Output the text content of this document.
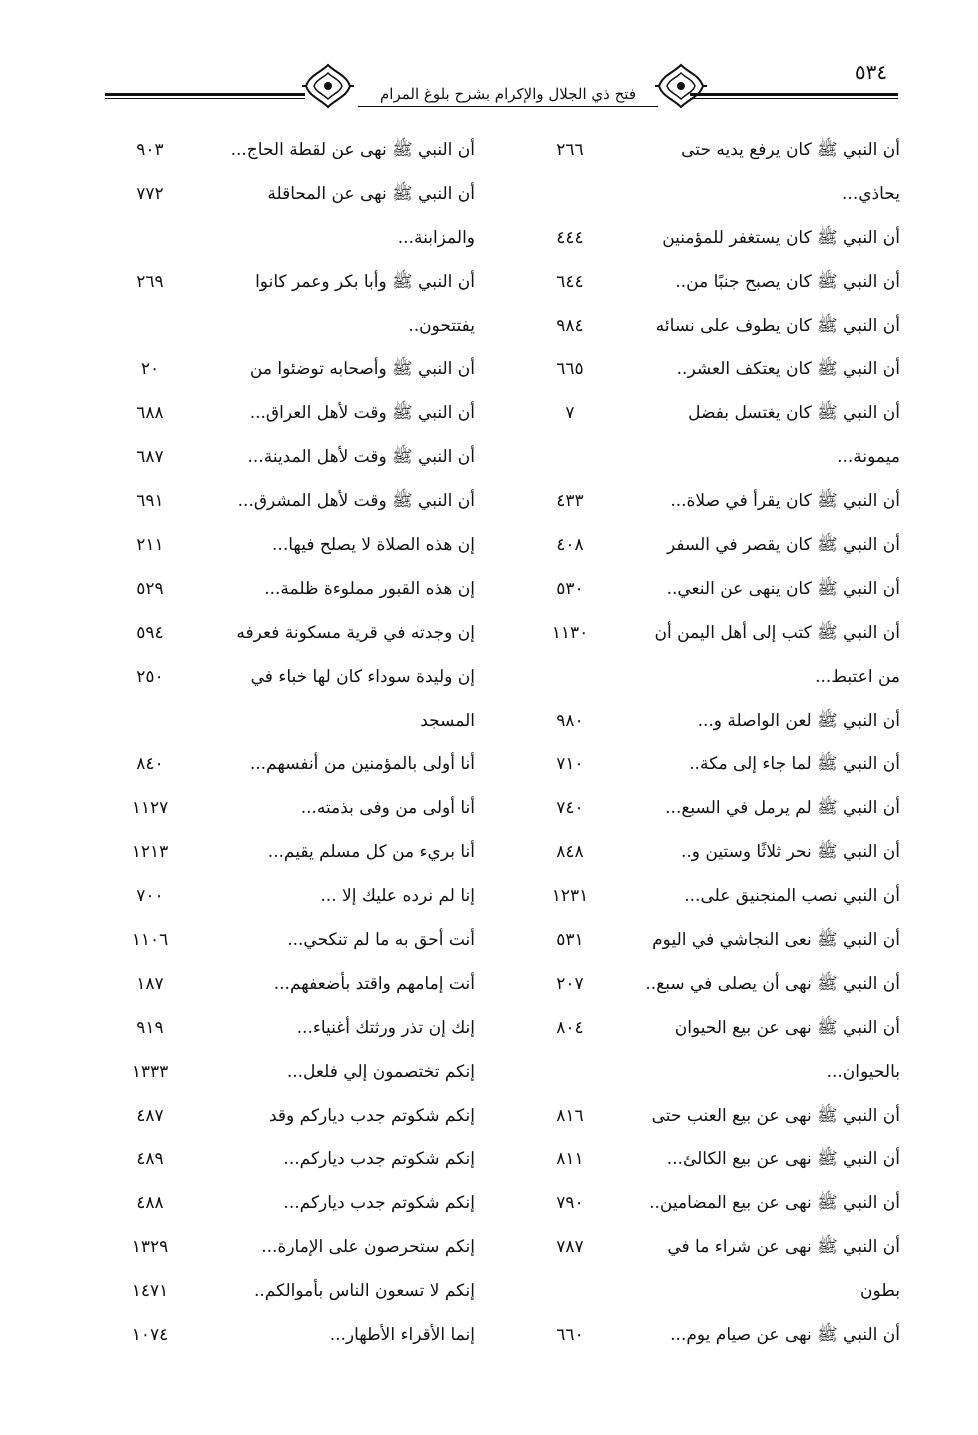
فتح ذي الجلال والإكرام بشرح بلوغ المرام
٥٣٤
أن النبي ﷺ كان يرفع يديه حتى
٢٦٦
يحاذي...
أن النبي ﷺ كان يستغفر للمؤمنين
٤٤٤
أن النبي ﷺ كان يصبح جنبًا من..
٦٤٤
أن النبي ﷺ كان يطوف على نسائه
٩٨٤
أن النبي ﷺ كان يعتكف العشر..
٦٦٥
أن النبي ﷺ كان يغتسل بفضل
٧
ميمونة...
أن النبي ﷺ كان يقرأ في صلاة...
٤٣٣
أن النبي ﷺ كان يقصر في السفر
٤٠٨
أن النبي ﷺ كان ينهى عن النعي..
٥٣٠
أن النبي ﷺ كتب إلى أهل اليمن أن
١١٣٠
من اعتبط...
أن النبي ﷺ لعن الواصلة و...
٩٨٠
أن النبي ﷺ لما جاء إلى مكة..
٧١٠
أن النبي ﷺ لم يرمل في السبع...
٧٤٠
أن النبي ﷺ نحر ثلاثًا وستين و..
٨٤٨
أن النبي نصب المنجنيق على...
١٢٣١
أن النبي ﷺ نعى النجاشي في اليوم
٥٣١
أن النبي ﷺ نهى أن يصلى في سبع..
٢٠٧
أن النبي ﷺ نهى عن بيع الحيوان
٨٠٤
بالحيوان...
أن النبي ﷺ نهى عن بيع العنب حتى
٨١٦
أن النبي ﷺ نهى عن بيع الكالئ...
٨١١
أن النبي ﷺ نهى عن بيع المضامين..
٧٩٠
أن النبي ﷺ نهى عن شراء ما في
٧٨٧
بطون
أن النبي ﷺ نهى عن صيام يوم...
٦٦٠
أن النبي ﷺ نهى عن لقطة الحاج...
٩٠٣
أن النبي ﷺ نهى عن المحاقلة
٧٧٢
والمزابنة...
أن النبي ﷺ وأبا بكر وعمر كانوا
٢٦٩
يفتتحون..
أن النبي ﷺ وأصحابه توضئوا من
٢٠
أن النبي ﷺ وقت لأهل العراق...
٦٨٨
أن النبي ﷺ وقت لأهل المدينة...
٦٨٧
أن النبي ﷺ وقت لأهل المشرق...
٦٩١
إن هذه الصلاة لا يصلح فيها...
٢١١
إن هذه القبور مملوءة ظلمة...
٥٢٩
إن وجدته في قرية مسكونة فعرفه
٥٩٤
إن وليدة سوداء كان لها خباء في
٢٥٠
المسجد
أنا أولى بالمؤمنين من أنفسهم...
٨٤٠
أنا أولى من وفى بذمته...
١١٢٧
أنا بريء من كل مسلم يقيم...
١٢١٣
إنا لم نرده عليك إلا ...
٧٠٠
أنت أحق به ما لم تنكحي...
١١٠٦
أنت إمامهم واقتد بأضعفهم...
١٨٧
إنك إن تذر ورثتك أغنياء...
٩١٩
إنكم تختصمون إلي فلعل...
١٣٣٣
إنكم شكوتم جدب دياركم وقد
٤٨٧
إنكم شكوتم جدب دياركم...
٤٨٩
إنكم شكوتم جدب دياركم...
٤٨٨
إنكم ستحرصون على الإمارة...
١٣٢٩
إنكم لا تسعون الناس بأموالكم..
١٤٧١
إنما الأقراء الأطهار...
١٠٧٤
